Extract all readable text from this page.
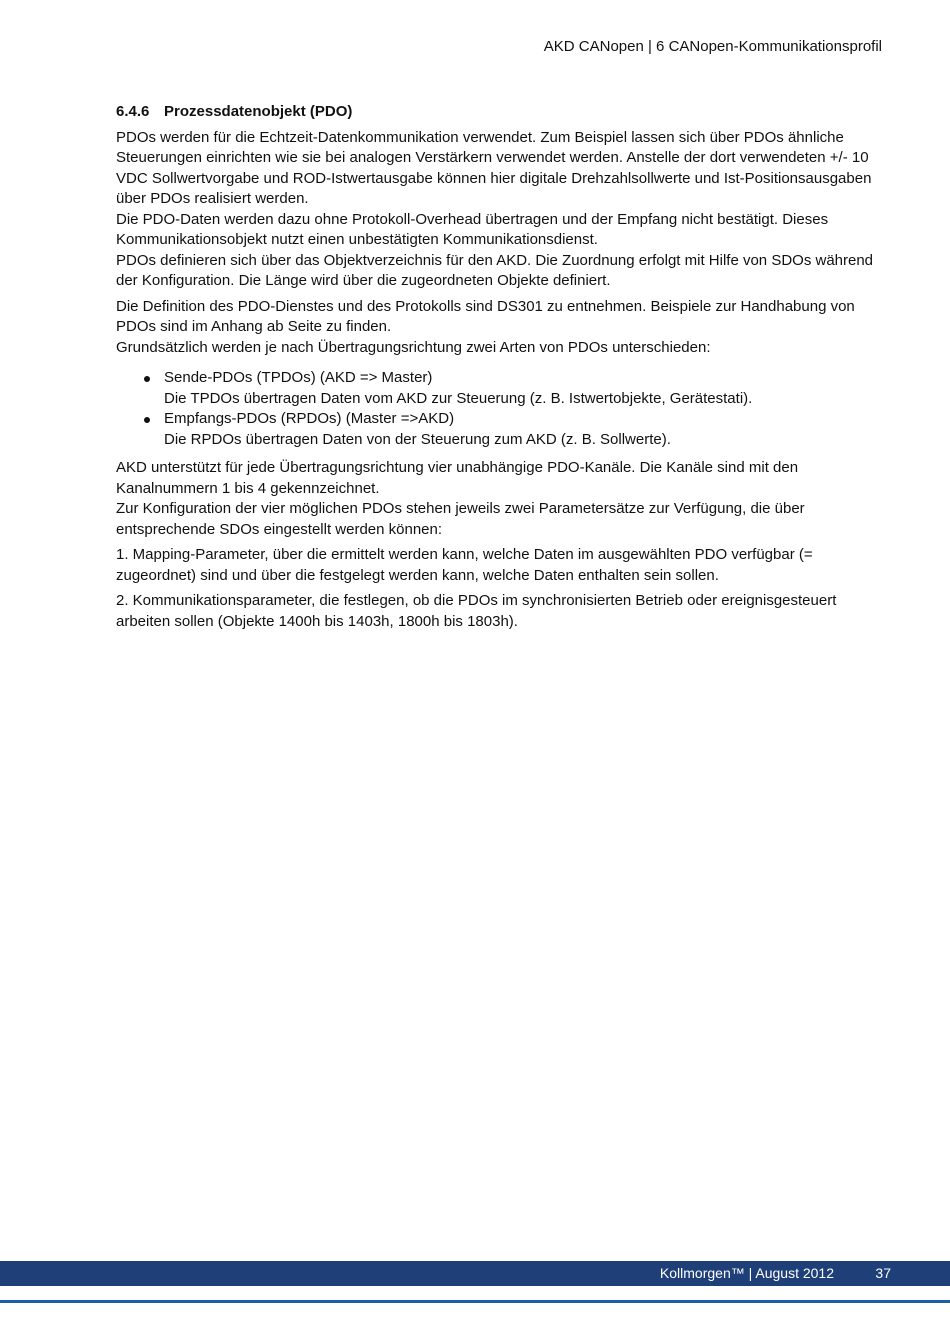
AKD CANopen | 6 CANopen-Kommunikationsprofil
6.4.6 Prozessdatenobjekt (PDO)

PDOs werden für die Echtzeit-Datenkommunikation verwendet. Zum Beispiel lassen sich über PDOs ähnliche Steuerungen einrichten wie sie bei analogen Verstärkern verwendet werden. Anstelle der dort verwendeten +/- 10 VDC Sollwertvorgabe und ROD-Istwertausgabe können hier digitale Drehzahlsollwerte und Ist-Positionsausgaben über PDOs realisiert werden.

Die PDO-Daten werden dazu ohne Protokoll-Overhead übertragen und der Empfang nicht bestätigt. Dieses Kommunikationsobjekt nutzt einen unbestätigten Kommunikationsdienst.

PDOs definieren sich über das Objektverzeichnis für den AKD. Die Zuordnung erfolgt mit Hilfe von SDOs während der Konfiguration. Die Länge wird über die zugeordneten Objekte definiert.

Die Definition des PDO-Dienstes und des Protokolls sind DS301 zu entnehmen. Beispiele zur Handhabung von PDOs sind im Anhang ab Seite zu finden.

Grundsätzlich werden je nach Übertragungsrichtung zwei Arten von PDOs unterschieden:

Sende-PDOs (TPDOs) (AKD => Master)
Die TPDOs übertragen Daten vom AKD zur Steuerung (z. B. Istwertobjekte, Gerätestati).
Empfangs-PDOs (RPDOs) (Master =>AKD)
Die RPDOs übertragen Daten von der Steuerung zum AKD (z. B. Sollwerte).

AKD unterstützt für jede Übertragungsrichtung vier unabhängige PDO-Kanäle. Die Kanäle sind mit den Kanalnummern 1 bis 4 gekennzeichnet.

Zur Konfiguration der vier möglichen PDOs stehen jeweils zwei Parametersätze zur Verfügung, die über entsprechende SDOs eingestellt werden können:

1. Mapping-Parameter, über die ermittelt werden kann, welche Daten im ausgewählten PDO verfügbar (= zugeordnet) sind und über die festgelegt werden kann, welche Daten enthalten sein sollen.

2. Kommunikationsparameter, die festlegen, ob die PDOs im synchronisierten Betrieb oder ereignisgesteuert arbeiten sollen (Objekte 1400h bis 1403h, 1800h bis 1803h).

Kollmorgen™ | August 2012	37
